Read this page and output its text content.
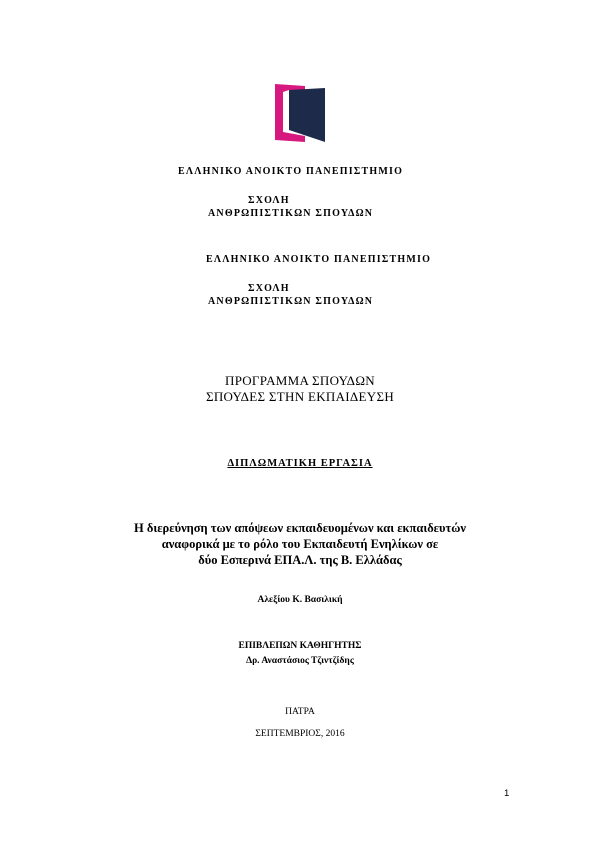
ΕΛΛΗΝΙΚΟ ΑΝΟΙΚΤΟ ΠΑΝΕΠΙΣΤΗΜΙΟ
ΣΧΟΛΗ
ΑΝΘΡΩΠΙΣΤΙΚΩΝ ΣΠΟΥΔΩΝ
ΕΛΛΗΝΙΚΟ ΑΝΟΙΚΤΟ ΠΑΝΕΠΙΣΤΗΜΙΟ
ΣΧΟΛΗ
ΑΝΘΡΩΠΙΣΤΙΚΩΝ ΣΠΟΥΔΩΝ
ΠΡΟΓΡΑΜΜΑ ΣΠΟΥΔΩΝ
ΣΠΟΥΔΕΣ ΣΤΗΝ ΕΚΠΑΙΔΕΥΣΗ
ΔΙΠΛΩΜΑΤΙΚΗ ΕΡΓΑΣΙΑ
Η διερεύνηση των απόψεων εκπαιδευομένων και εκπαιδευτών
αναφορικά με το ρόλο του Εκπαιδευτή Ενηλίκων σε
δύο Εσπερινά ΕΠΑ.Λ. της Β. Ελλάδας
Αλεξίου Κ. Βασιλική
ΕΠΙΒΛΕΠΩΝ ΚΑΘΗΓΗΤΗΣ
Δρ. Αναστάσιος Τζιντζίδης
ΠΑΤΡΑ
ΣΕΠΤΕΜΒΡΙΟΣ, 2016
1
